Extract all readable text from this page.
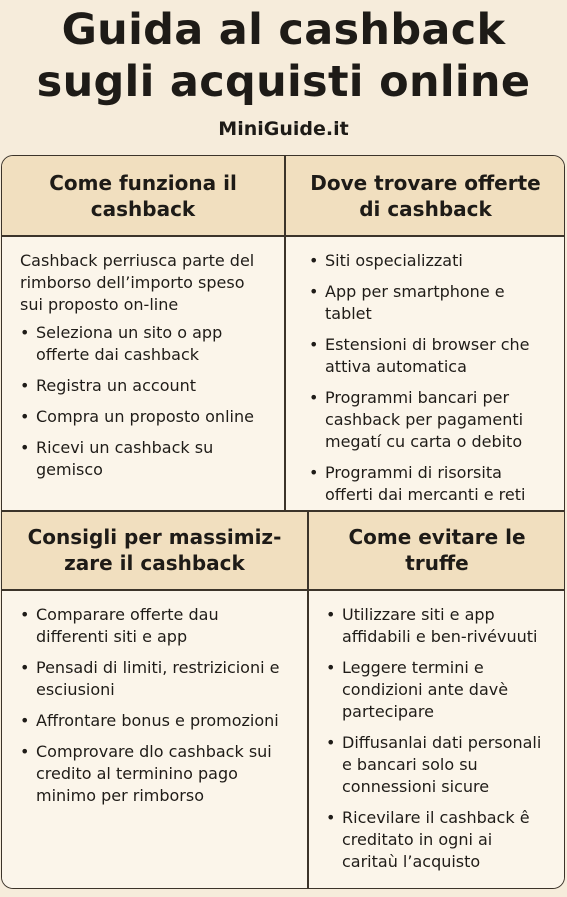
Guida al cashback
sugli acquisti online
MiniGuide.it
Come funziona il cashback
Dove trovare offerte di cashback

Cashback perriusca parte del rimborso dell’importo speso sui proposto on-line

• Seleziona un sito o app offerte dai cashback
• Registra un account
• Compra un proposto online
• Ricevi un cashback su gemisco
• Siti ospecializzati
• App per smartphone e tablet
• Estensioni di browser che attiva automatica
• Programmi bancari per cashback per pagamenti megatí cu carta o debito
• Programmi di risorsita offerti dai mercanti e reti
Consigli per massimiz-zare il cashback
Come evitare le truffe
• Comparare offerte dau differenti siti e app
• Pensadi di limiti, restrizicioni e esciusioni
• Affrontare bonus e promozioni
• Comprovare dlo cashback sui credito al terminino pago minimo per rimborso
• Utilizzare siti e app affidabili e ben-rivévuuti
• Leggere termini e condizioni ante davè partecipare
• Diffusanlai dati personali e bancari solo su connessioni sicure
• Ricevilare il cashback ê creditato in ogni ai caritaù l’acquisto
